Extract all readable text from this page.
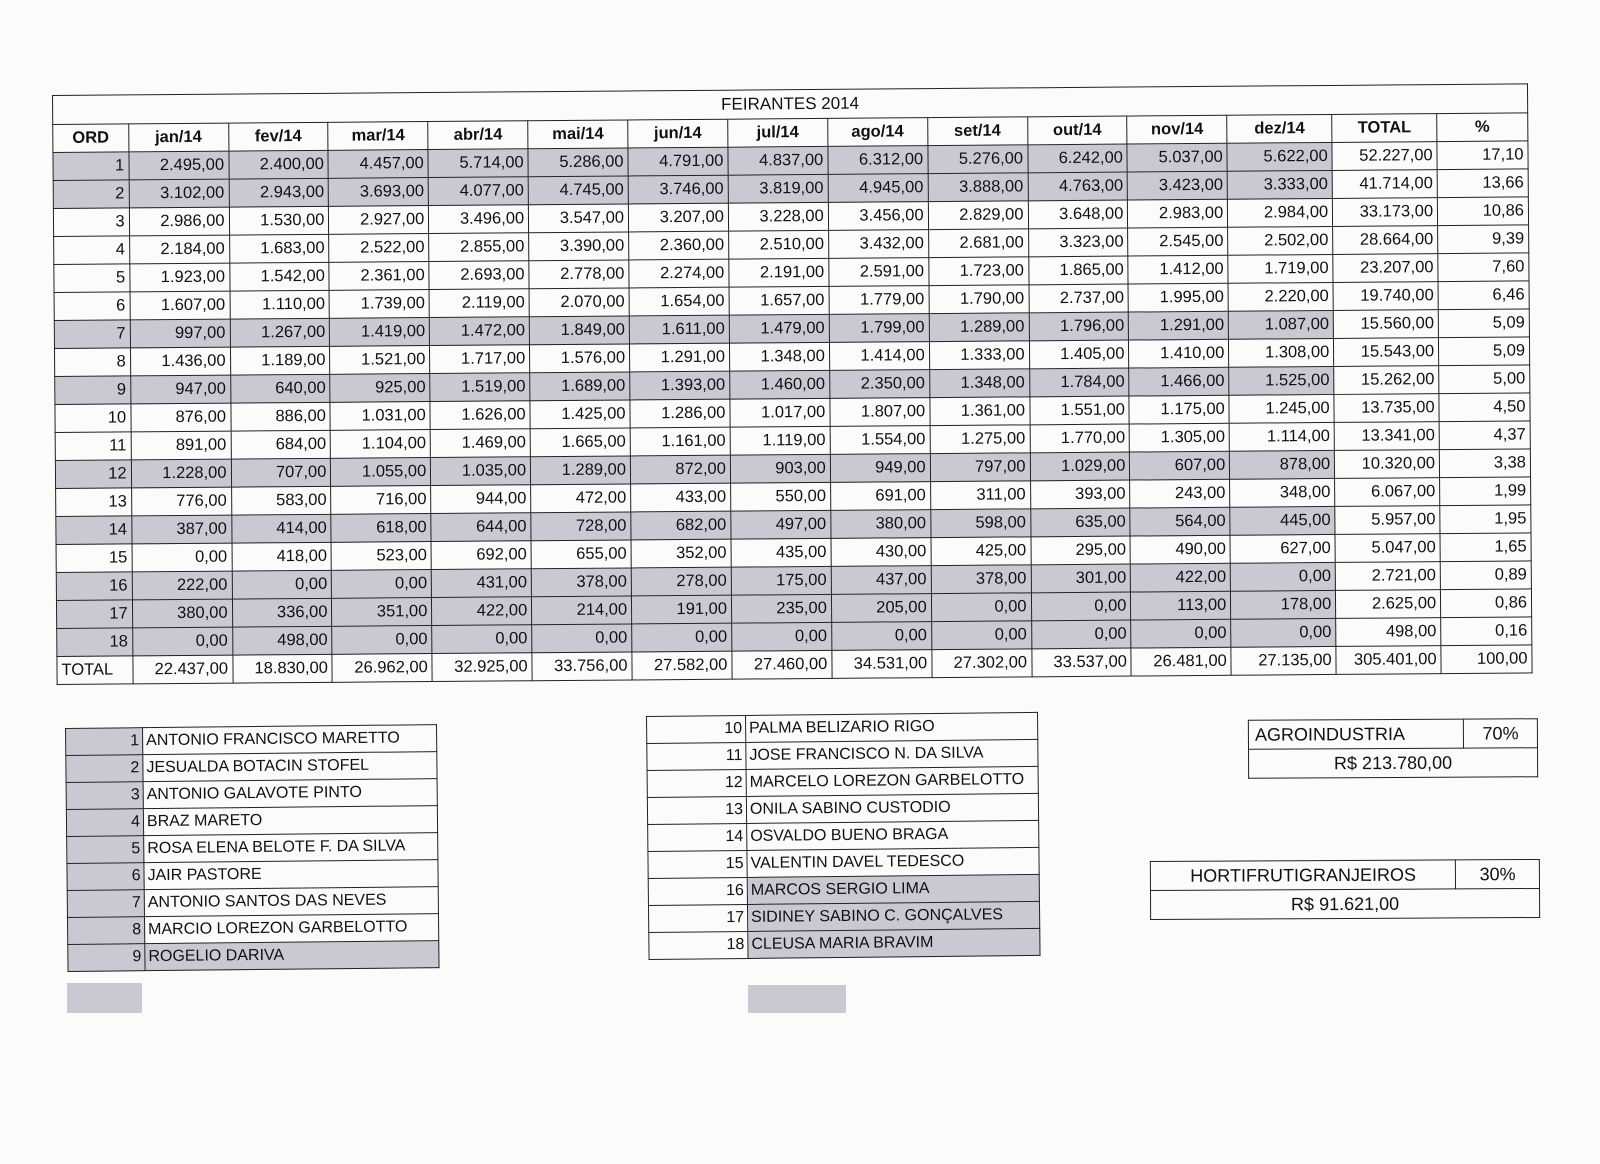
FEIRANTES 2014														
ORD	jan/14	fev/14	mar/14	abr/14	mai/14	jun/14	jul/14	ago/14	set/14	out/14	nov/14	dez/14	TOTAL	%
1	2.495,00	2.400,00	4.457,00	5.714,00	5.286,00	4.791,00	4.837,00	6.312,00	5.276,00	6.242,00	5.037,00	5.622,00	52.227,00	17,10
2	3.102,00	2.943,00	3.693,00	4.077,00	4.745,00	3.746,00	3.819,00	4.945,00	3.888,00	4.763,00	3.423,00	3.333,00	41.714,00	13,66
3	2.986,00	1.530,00	2.927,00	3.496,00	3.547,00	3.207,00	3.228,00	3.456,00	2.829,00	3.648,00	2.983,00	2.984,00	33.173,00	10,86
4	2.184,00	1.683,00	2.522,00	2.855,00	3.390,00	2.360,00	2.510,00	3.432,00	2.681,00	3.323,00	2.545,00	2.502,00	28.664,00	9,39
5	1.923,00	1.542,00	2.361,00	2.693,00	2.778,00	2.274,00	2.191,00	2.591,00	1.723,00	1.865,00	1.412,00	1.719,00	23.207,00	7,60
6	1.607,00	1.110,00	1.739,00	2.119,00	2.070,00	1.654,00	1.657,00	1.779,00	1.790,00	2.737,00	1.995,00	2.220,00	19.740,00	6,46
7	997,00	1.267,00	1.419,00	1.472,00	1.849,00	1.611,00	1.479,00	1.799,00	1.289,00	1.796,00	1.291,00	1.087,00	15.560,00	5,09
8	1.436,00	1.189,00	1.521,00	1.717,00	1.576,00	1.291,00	1.348,00	1.414,00	1.333,00	1.405,00	1.410,00	1.308,00	15.543,00	5,09
9	947,00	640,00	925,00	1.519,00	1.689,00	1.393,00	1.460,00	2.350,00	1.348,00	1.784,00	1.466,00	1.525,00	15.262,00	5,00
10	876,00	886,00	1.031,00	1.626,00	1.425,00	1.286,00	1.017,00	1.807,00	1.361,00	1.551,00	1.175,00	1.245,00	13.735,00	4,50
11	891,00	684,00	1.104,00	1.469,00	1.665,00	1.161,00	1.119,00	1.554,00	1.275,00	1.770,00	1.305,00	1.114,00	13.341,00	4,37
12	1.228,00	707,00	1.055,00	1.035,00	1.289,00	872,00	903,00	949,00	797,00	1.029,00	607,00	878,00	10.320,00	3,38
13	776,00	583,00	716,00	944,00	472,00	433,00	550,00	691,00	311,00	393,00	243,00	348,00	6.067,00	1,99
14	387,00	414,00	618,00	644,00	728,00	682,00	497,00	380,00	598,00	635,00	564,00	445,00	5.957,00	1,95
15	0,00	418,00	523,00	692,00	655,00	352,00	435,00	430,00	425,00	295,00	490,00	627,00	5.047,00	1,65
16	222,00	0,00	0,00	431,00	378,00	278,00	175,00	437,00	378,00	301,00	422,00	0,00	2.721,00	0,89
17	380,00	336,00	351,00	422,00	214,00	191,00	235,00	205,00	0,00	0,00	113,00	178,00	2.625,00	0,86
18	0,00	498,00	0,00	0,00	0,00	0,00	0,00	0,00	0,00	0,00	0,00	0,00	498,00	0,16
TOTAL	22.437,00	18.830,00	26.962,00	32.925,00	33.756,00	27.582,00	27.460,00	34.531,00	27.302,00	33.537,00	26.481,00	27.135,00	305.401,00	100,00
1	ANTONIO FRANCISCO MARETTO
2	JESUALDA BOTACIN STOFEL
3	ANTONIO GALAVOTE PINTO
4	BRAZ MARETO
5	ROSA ELENA BELOTE F. DA SILVA
6	JAIR PASTORE
7	ANTONIO SANTOS DAS NEVES
8	MARCIO LOREZON GARBELOTTO
9	ROGELIO DARIVA
10	PALMA BELIZARIO RIGO
11	JOSE FRANCISCO N. DA SILVA
12	MARCELO LOREZON GARBELOTTO
13	ONILA SABINO CUSTODIO
14	OSVALDO BUENO BRAGA
15	VALENTIN DAVEL TEDESCO
16	MARCOS SERGIO LIMA
17	SIDINEY SABINO C. GONÇALVES
18	CLEUSA MARIA BRAVIM
AGROINDUSTRIA	70%
R$ 213.780,00
HORTIFRUTIGRANJEIROS	30%
R$ 91.621,00
